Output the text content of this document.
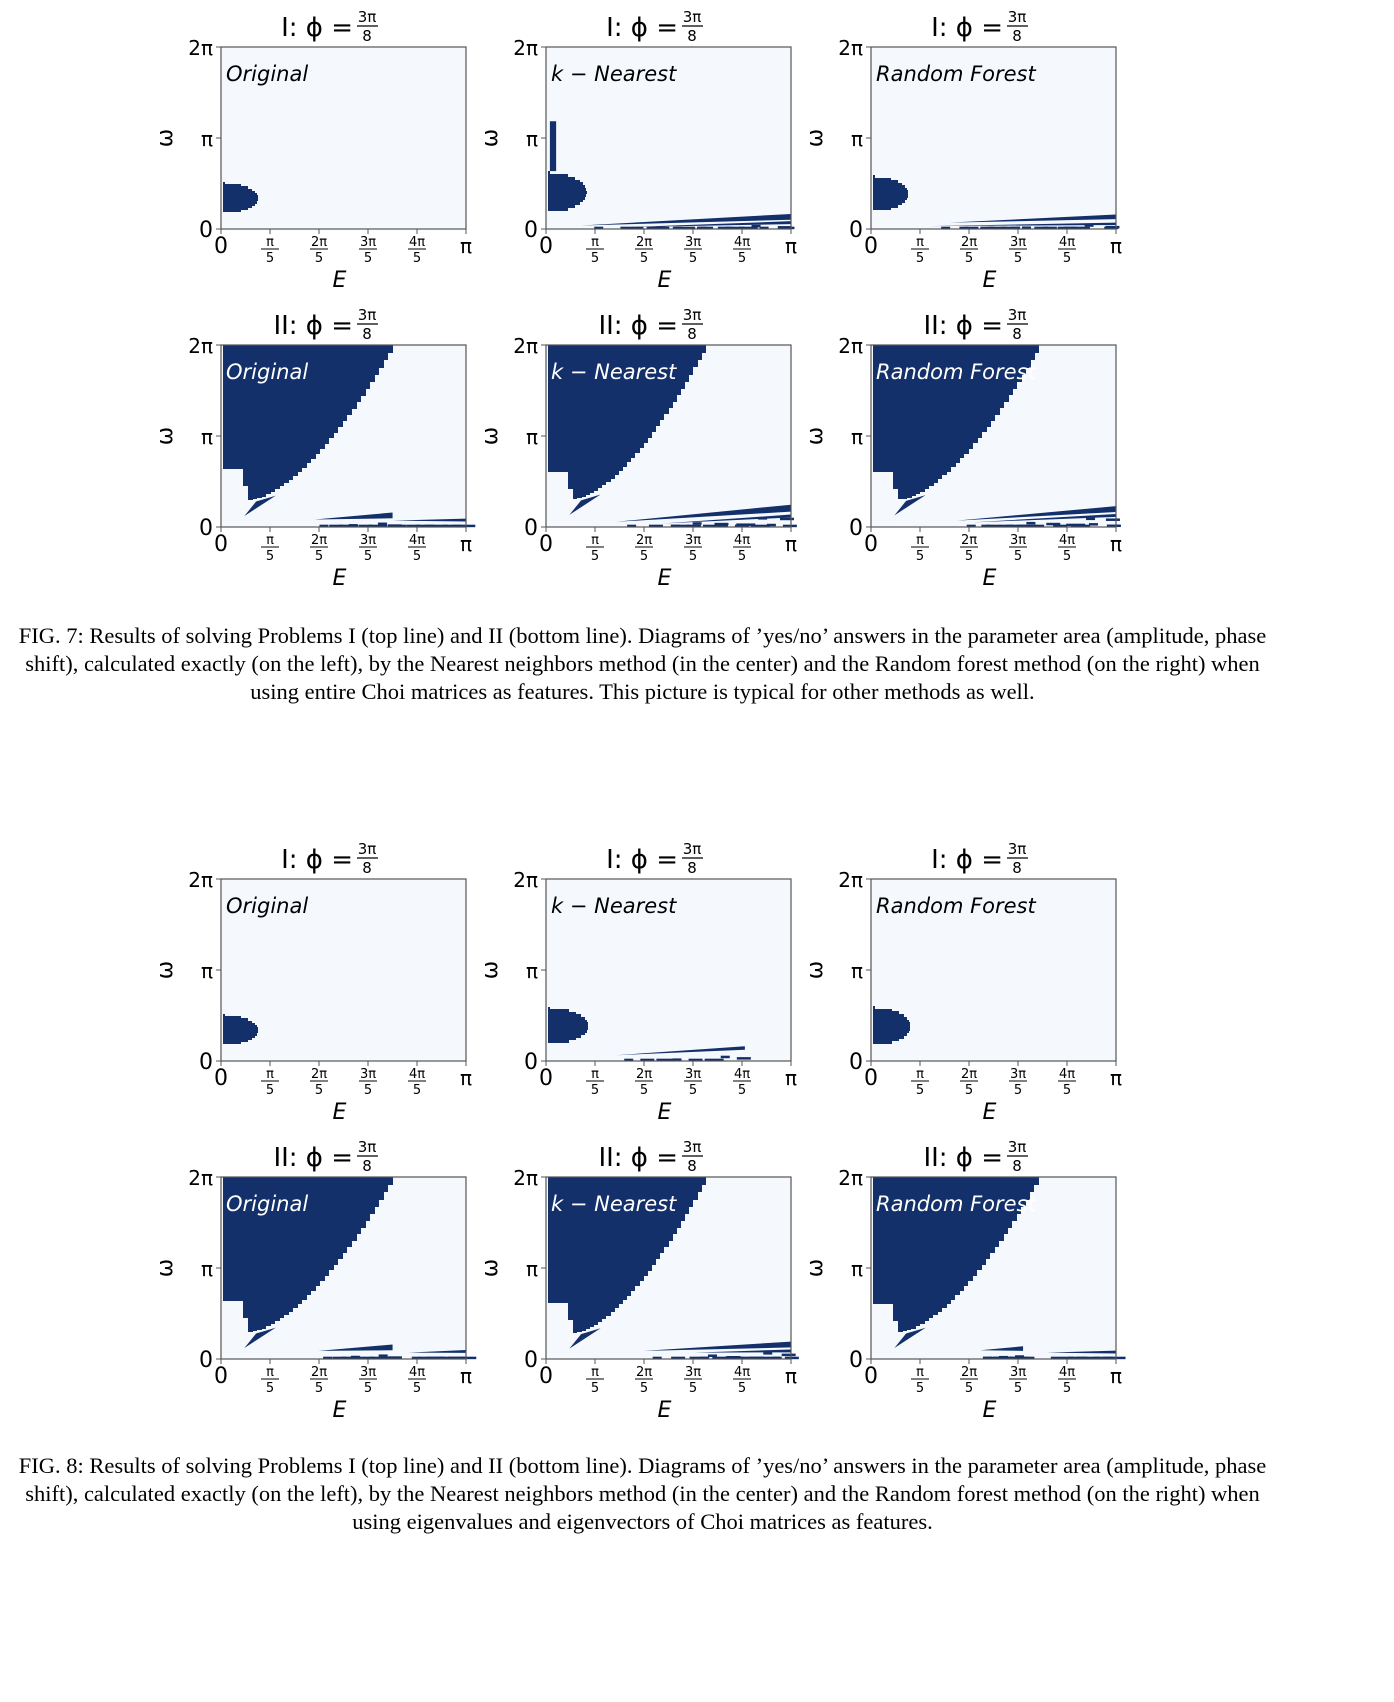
I: ϕ = 3π
8
Original
0
π
2π
ω
0	π
5
2π
5
3π
5
4π
5
π
E
I: ϕ = 3π
8
k − Nearest
0
π
2π
ω
0	π
5
2π
5
3π
5
4π
5
π
E
I: ϕ = 3π
8
Random Forest
0
π
2π
ω
0	π
5
2π
5
3π
5
4π
5
π
E
II: ϕ = 3π
8
Original
0
π
2π
ω
0	π
5
2π
5
3π
5
4π
5
π
E
II: ϕ = 3π
8
k − Nearest
0
π
2π
ω
0	π
5
2π
5
3π
5
4π
5
π
E
II: ϕ = 3π
8
Random Forest
0
π
2π
ω
0	π
5
2π
5
3π
5
4π
5
π
E
FIG. 7: Results of solving Problems I (top line) and II (bottom line). Diagrams of ’yes/no’ answers in the parameter area (amplitude, phase shift), calculated exactly (on the left), by the Nearest neighbors method (in the center) and the Random forest method (on the right) when using entire Choi matrices as features. This picture is typical for other methods as well.
I: ϕ = 3π
8
Original
0
π
2π
ω
0	π
5
2π
5
3π
5
4π
5
π
E
I: ϕ = 3π
8
k − Nearest
0
π
2π
ω
0	π
5
2π
5
3π
5
4π
5
π
E
I: ϕ = 3π
8
Random Forest
0
π
2π
ω
0	π
5
2π
5
3π
5
4π
5
π
E
II: ϕ = 3π
8
Original
0
π
2π
ω
0	π
5
2π
5
3π
5
4π
5
π
E
II: ϕ = 3π
8
k − Nearest
0
π
2π
ω
0	π
5
2π
5
3π
5
4π
5
π
E
II: ϕ = 3π
8
Random Forest
0
π
2π
ω
0	π
5
2π
5
3π
5
4π
5
π
E
FIG. 8: Results of solving Problems I (top line) and II (bottom line). Diagrams of ’yes/no’ answers in the parameter area (amplitude, phase shift), calculated exactly (on the left), by the Nearest neighbors method (in the center) and the Random forest method (on the right) when using eigenvalues and eigenvectors of Choi matrices as features.
